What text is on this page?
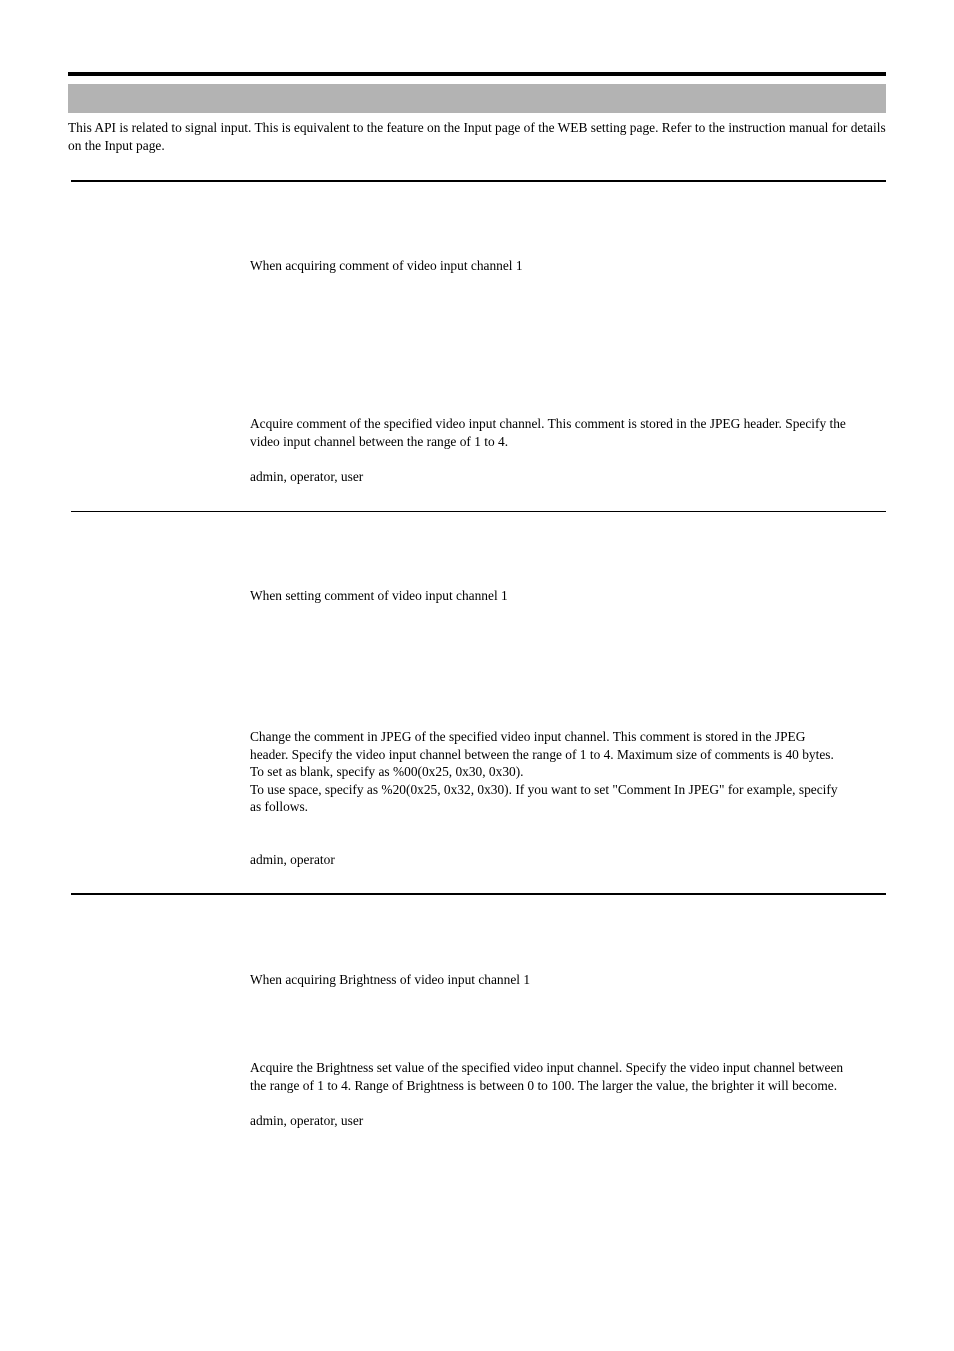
This API is related to signal input. This is equivalent to the feature on the Input page of the WEB setting page. Refer to the instruction manual for details on the Input page.

When acquiring comment of video input channel 1

Acquire comment of the specified video input channel. This comment is stored in the JPEG header. Specify the
video input channel between the range of 1 to 4.

admin, operator, user

When setting comment of video input channel 1

Change the comment in JPEG of the specified video input channel. This comment is stored in the JPEG
header. Specify the video input channel between the range of 1 to 4. Maximum size of comments is 40 bytes.
To set as blank, specify as %00(0x25, 0x30, 0x30).
To use space, specify as %20(0x25, 0x32, 0x30). If you want to set "Comment In JPEG" for example, specify
as follows.

admin, operator

When acquiring Brightness of video input channel 1

Acquire the Brightness set value of the specified video input channel. Specify the video input channel between
the range of 1 to 4. Range of Brightness is between 0 to 100. The larger the value, the brighter it will become.

admin, operator, user
